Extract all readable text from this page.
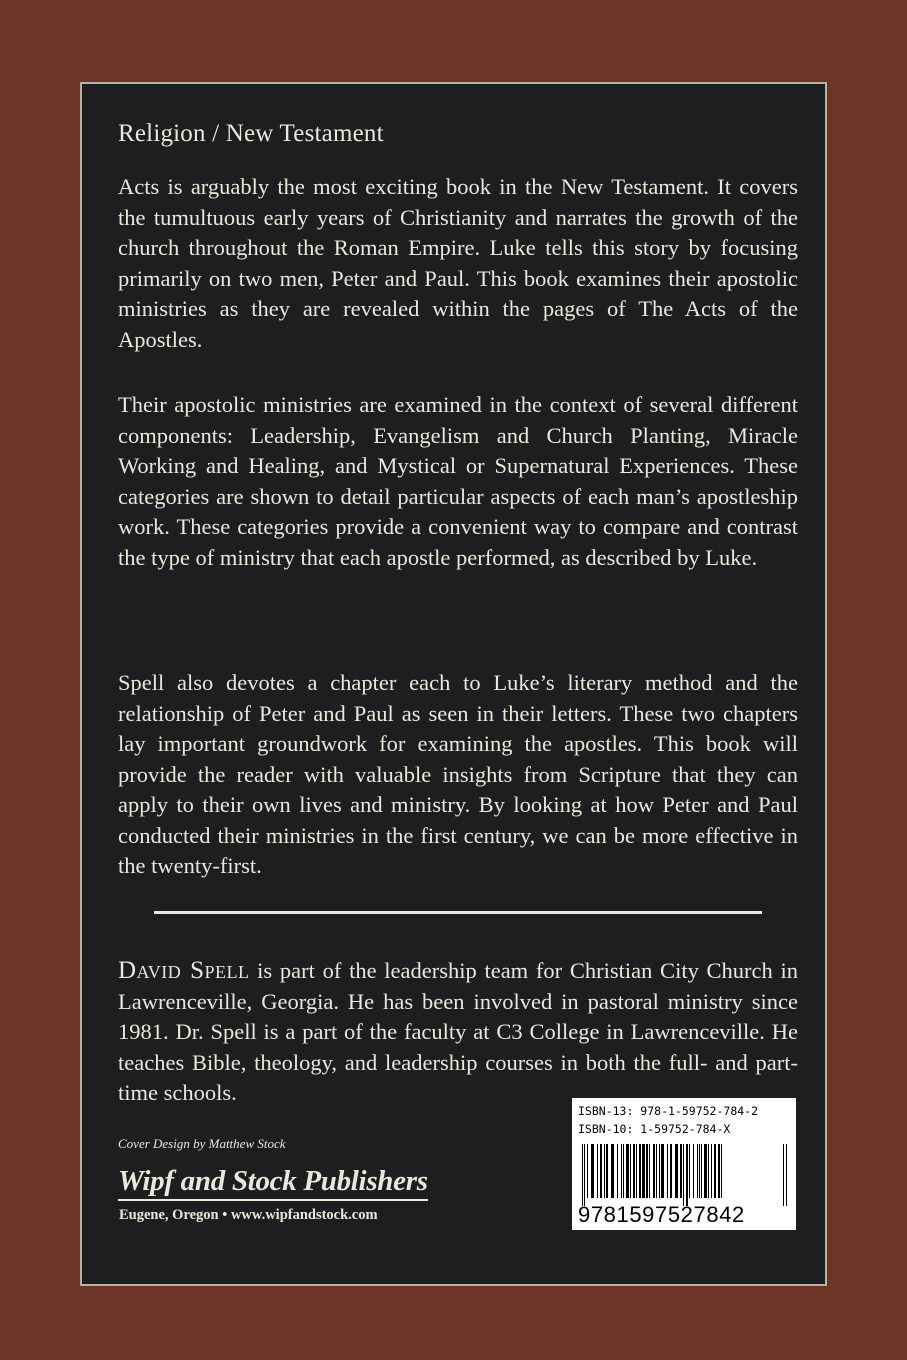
Religion / New Testament

Acts is arguably the most exciting book in the New Testament. It covers the tumultuous early years of Christianity and narrates the growth of the church throughout the Roman Empire. Luke tells this story by focusing primarily on two men, Peter and Paul. This book examines their apostolic ministries as they are revealed within the pages of The Acts of the Apostles.

Their apostolic ministries are examined in the context of several different components: Leadership, Evangelism and Church Planting, Miracle Working and Healing, and Mystical or Supernatural Experiences. These categories are shown to detail particular aspects of each man’s apostleship work. These categories provide a convenient way to compare and contrast the type of ministry that each apostle performed, as described by Luke.

Spell also devotes a chapter each to Luke’s literary method and the relationship of Peter and Paul as seen in their letters. These two chapters lay important groundwork for examining the apostles. This book will provide the reader with valuable insights from Scripture that they can apply to their own lives and ministry. By looking at how Peter and Paul conducted their ministries in the first century, we can be more effective in the twenty-first.

David Spell is part of the leadership team for Christian City Church in Lawrenceville, Georgia. He has been involved in pastoral ministry since 1981. Dr. Spell is a part of the faculty at C3 College in Lawrenceville. He teaches Bible, theology, and leadership courses in both the full- and part-time schools.

Cover Design by Matthew Stock
Wipf and Stock Publishers
Eugene, Oregon • www.wipfandstock.com
ISBN-13: 978-1-59752-784-2
ISBN-10: 1-59752-784-X
9781597527842
